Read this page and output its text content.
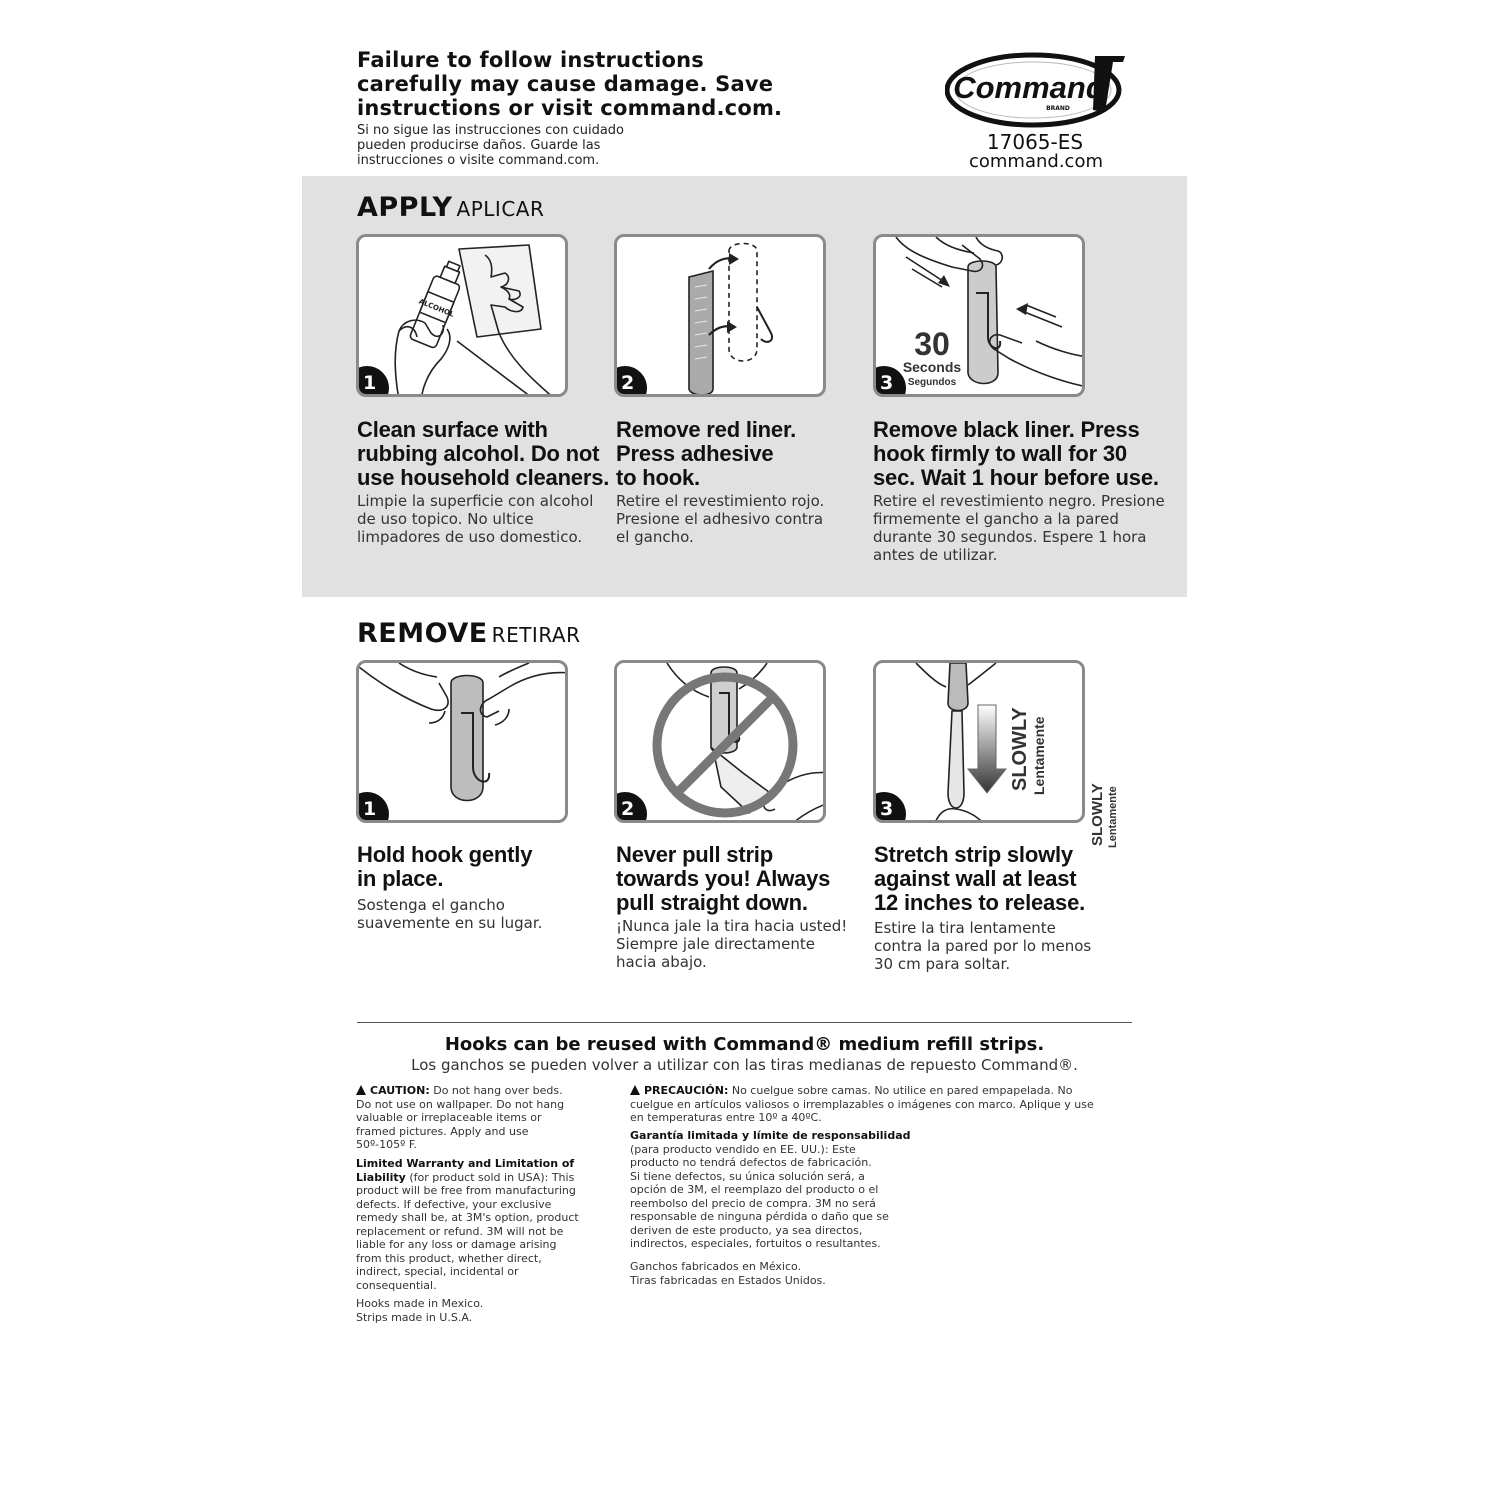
Failure to follow instructions
carefully may cause damage. Save
instructions or visit command.com.
Si no sigue las instrucciones con cuidado
pueden producirse daños. Guarde las
instrucciones o visite command.com.
Command
BRAND
17065-ES
command.com
APPLY APLICAR
ALCOHOL
1	2
30
Seconds
Segundos
3
Clean surface with
rubbing alcohol. Do not
use household cleaners.
Limpie la superficie con alcohol
de uso topico. No ultice
limpadores de uso domestico.
Remove red liner.
Press adhesive
to hook.
Retire el revestimiento rojo.
Presione el adhesivo contra
el gancho.
Remove black liner. Press
hook firmly to wall for 30
sec. Wait 1 hour before use.
Retire el revestimiento negro. Presione
firmemente el gancho a la pared
durante 30 segundos. Espere 1 hora
antes de utilizar.
REMOVE RETIRAR
1	2
SLOWLY Lentamente
3	SLOWLY Lentamente
Hold hook gently
in place.
Sostenga el gancho
suavemente en su lugar.
Never pull strip
towards you! Always
pull straight down.
¡Nunca jale la tira hacia usted!
Siempre jale directamente
hacia abajo.
Stretch strip slowly
against wall at least
12 inches to release.
Estire la tira lentamente
contra la pared por lo menos
30 cm para soltar.
Hooks can be reused with Command® medium refill strips.
Los ganchos se pueden volver a utilizar con las tiras medianas de repuesto Command®.
CAUTION: Do not hang over beds.
Do not use on wallpaper. Do not hang
valuable or irreplaceable items or
framed pictures. Apply and use
50º-105º F.
Limited Warranty and Limitation of
Liability (for product sold in USA): This
product will be free from manufacturing
defects. If defective, your exclusive
remedy shall be, at 3M's option, product
replacement or refund. 3M will not be
liable for any loss or damage arising
from this product, whether direct,
indirect, special, incidental or
consequential.
Hooks made in Mexico.
Strips made in U.S.A.
PRECAUCIÓN: No cuelgue sobre camas. No utilice en pared empapelada. No
cuelgue en artículos valiosos o irremplazables o imágenes con marco. Aplique y use
en temperaturas entre 10º a 40ºC.
Garantía limitada y límite de responsabilidad
(para producto vendido en EE. UU.): Este
producto no tendrá defectos de fabricación.
Si tiene defectos, su única solución será, a
opción de 3M, el reemplazo del producto o el
reembolso del precio de compra. 3M no será
responsable de ninguna pérdida o daño que se
deriven de este producto, ya sea directos,
indirectos, especiales, fortuitos o resultantes.
Ganchos fabricados en México.
Tiras fabricadas en Estados Unidos.
